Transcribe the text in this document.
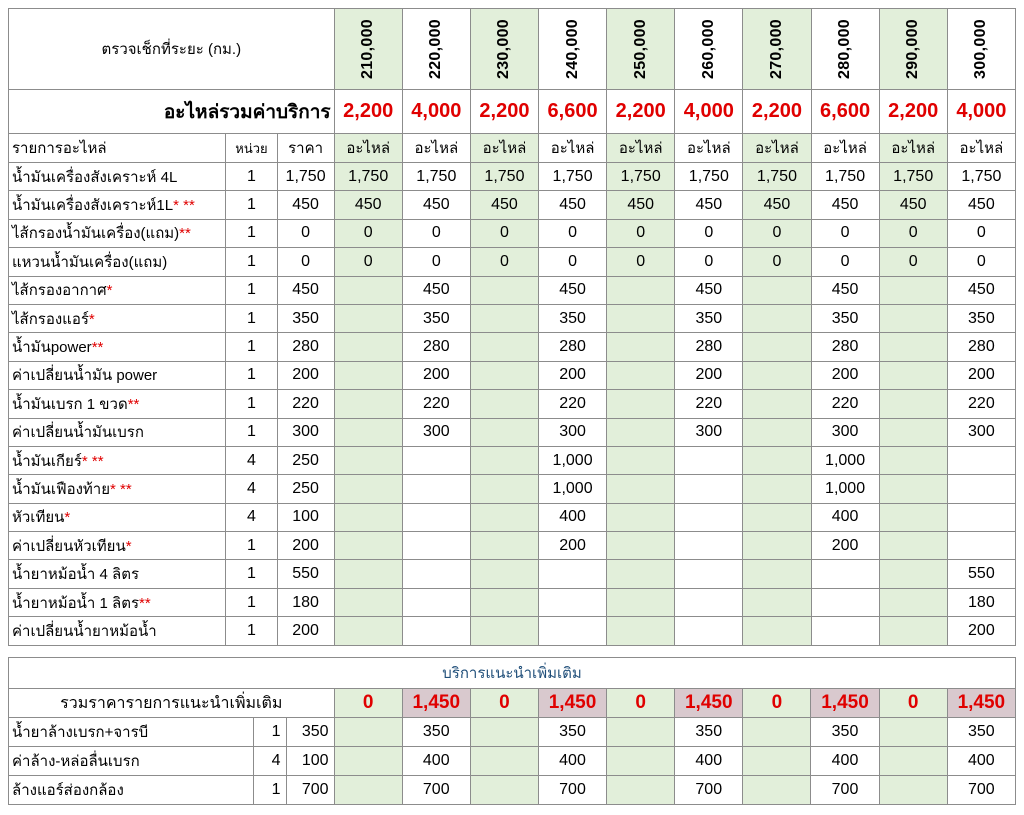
ตรวจเช็กที่ระยะ (กม.)			210,000	220,000	230,000	240,000	250,000	260,000	270,000	280,000	290,000	300,000
อะไหล่รวมค่าบริการ			2,200	4,000	2,200	6,600	2,200	4,000	2,200	6,600	2,200	4,000
รายการอะไหล่	หน่วย	ราคา	อะไหล่	อะไหล่	อะไหล่	อะไหล่	อะไหล่	อะไหล่	อะไหล่	อะไหล่	อะไหล่	อะไหล่
น้ำมันเครื่องสังเคราะห์ 4L	1	1,750	1,750	1,750	1,750	1,750	1,750	1,750	1,750	1,750	1,750	1,750
น้ำมันเครื่องสังเคราะห์1L* **	1	450	450	450	450	450	450	450	450	450	450	450
ไส้กรองน้ำมันเครื่อง(แถม)**	1	0	0	0	0	0	0	0	0	0	0	0
แหวนน้ำมันเครื่อง(แถม)	1	0	0	0	0	0	0	0	0	0	0	0
ไส้กรองอากาศ*	1	450		450		450		450		450		450
ไส้กรองแอร์*	1	350		350		350		350		350		350
น้ำมันpower**	1	280		280		280		280		280		280
ค่าเปลี่ยนน้ำมัน power	1	200		200		200		200		200		200
น้ำมันเบรก 1 ขวด**	1	220		220		220		220		220		220
ค่าเปลี่ยนน้ำมันเบรก	1	300		300		300		300		300		300
น้ำมันเกียร์* **	4	250				1,000				1,000		
น้ำมันเฟืองท้าย* **	4	250				1,000				1,000		
หัวเทียน*	4	100				400				400		
ค่าเปลี่ยนหัวเทียน*	1	200				200				200		
น้ำยาหม้อน้ำ 4 ลิตร	1	550										550
น้ำยาหม้อน้ำ 1 ลิตร**	1	180										180
ค่าเปลี่ยนน้ำยาหม้อน้ำ	1	200										200
บริการแนะนำเพิ่มเติม												
รวมราคารายการแนะนำเพิ่มเติม			0	1,450	0	1,450	0	1,450	0	1,450	0	1,450
น้ำยาล้างเบรก+จารบี	1	350		350		350		350		350		350
ค่าล้าง-หล่อลื่นเบรก	4	100		400		400		400		400		400
ล้างแอร์ส่องกล้อง	1	700		700		700		700		700		700
